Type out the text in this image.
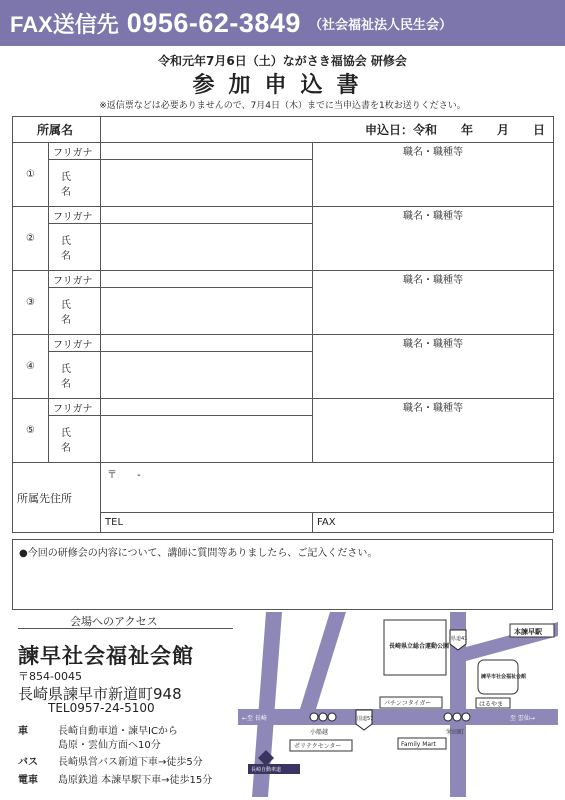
FAX送信先 0956-62-3849 （社会福祉法人民生会）
令和元年7月6日（土）ながさき福協会 研修会
参加申込書
※返信票などは必要ありませんので、7月4日（木）までに当申込書を1枚お送りください。
所属名		申込日：令和　　年　　月　　日	
①	フリガナ		職名・職種等
	氏　名		
②	フリガナ		職名・職種等
	氏　名		
③	フリガナ		職名・職種等
	氏　名		
④	フリガナ		職名・職種等
	氏　名		
⑤	フリガナ		職名・職種等
	氏　名		
所属先住所		〒　　-	
		TEL	FAX
●今回の研修会の内容について、講師に質問等ありましたら、ご記入ください。
会場へのアクセス
諫早社会福祉会館
〒854-0045
長崎県諫早市新道町948
TEL0957-24-5100
車	長崎自動車道・諫早ICから
島原・雲仙方面へ10分
バス 長崎県営バス新道下車→徒歩5分
電車 島原鉄道 本諫早駅下車→徒歩15分
長崎県立総合運動公園
本諫早駅
諫早市社会福祉会館
パチンコタイガー	はるやま
Family Mart
ポリテクセンター
小船越	栄田町
←至 長崎	至 雲仙→
県道41
国道57
長崎自動車道
